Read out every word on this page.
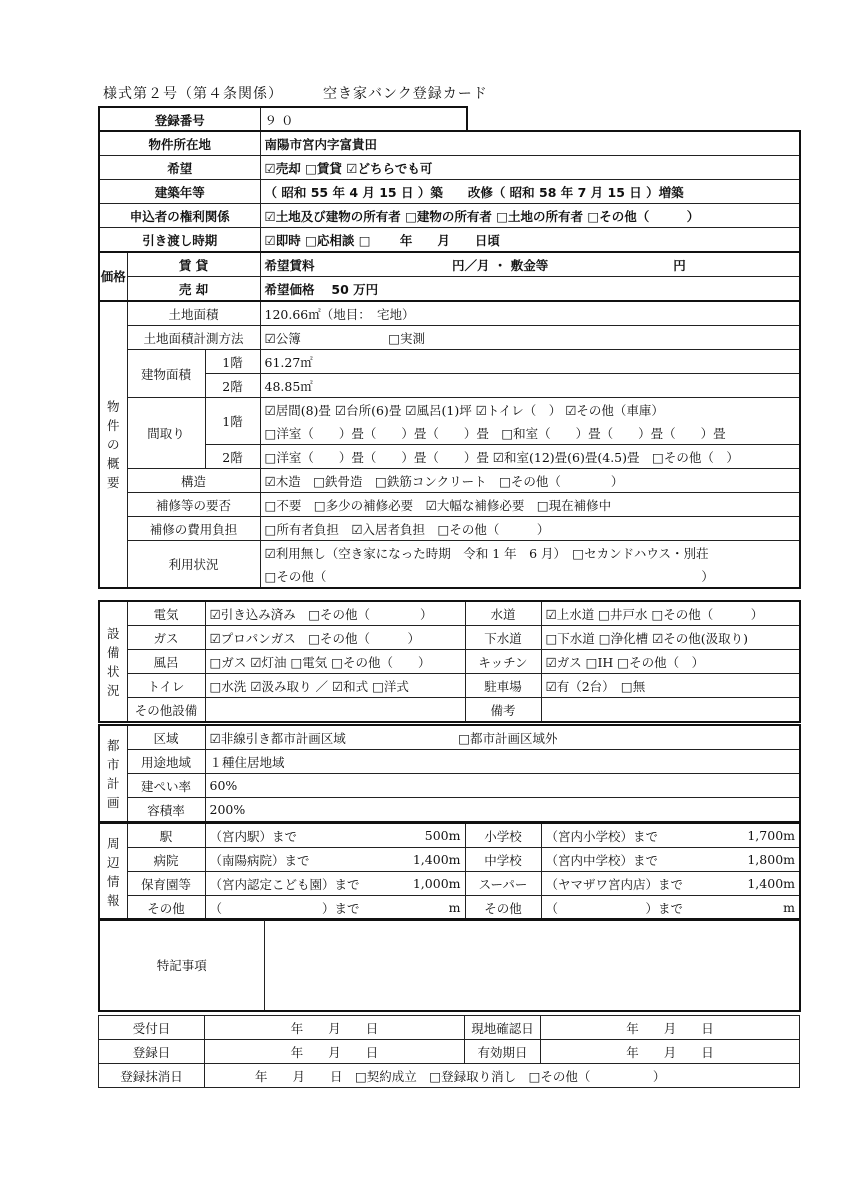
様式第２号（第４条関係）	空き家バンク登録カード
登録番号	９０
物件所在地			南陽市宮内字富貴田
希望			☑売却 □賃貸 ☑どちらでも可
建築年等			（ 昭和 55 年 4 月 15 日 ）築　　改修（ 昭和 58 年 7 月 15 日 ）増築
申込者の権利関係			☑土地及び建物の所有者 □建物の所有者 □土地の所有者 □その他（　　　）
引き渡し時期			☑即時 □応相談 □　　 年　　月　　日頃
価格	賃 貸		希望賃料　　　　　　　　　　　円／月 ・ 敷金等　　　　　　　　　　円
	売 却		希望価格　 50 万円
物件の概要	土地面積		120.66㎡（地目：　宅地）
	土地面積計測方法		☑公簿　　　　　　　□実測
	建物面積	1階	61.27㎡
		2階	48.85㎡
	間取り	1階	☑居間(8)畳 ☑台所(6)畳 ☑風呂(1)坪 ☑トイレ（　） ☑その他（車庫）
			□洋室（　　）畳（　　）畳（　　）畳　□和室（　　）畳（　　）畳（　　）畳
		2階	□洋室（　　）畳（　　）畳（　　）畳 ☑和室(12)畳(6)畳(4.5)畳　□その他（　）
	構造		☑木造　□鉄骨造　□鉄筋コンクリート　□その他（　　　　）
	補修等の要否		□不要　□多少の補修必要　☑大幅な補修必要　□現在補修中
	補修の費用負担		□所有者負担　☑入居者負担　□その他（　　　）
	利用状況		☑利用無し（空き家になった時期　令和 1 年　6 月）　□セカンドハウス・別荘
			□その他（　　　　　　　　　　　　　　　　　　　　　　　　　　　　　　）
設備状況	電気	☑引き込み済み　□その他（　　　　）	水道	☑上水道 □井戸水 □その他（　　　）
	ガス	☑プロパンガス　□その他（　　　）	下水道	□下水道 □浄化槽 ☑その他(汲取り)
	風呂	□ガス ☑灯油 □電気 □その他（　　）	キッチン	☑ガス □IH □その他（　）
	トイレ	□水洗 ☑汲み取り ／ ☑和式 □洋式	駐車場	☑有（2台）　□無
	その他設備		備考	
都市計画	区域	☑非線引き都市計画区域　　　　　　　　　□都市計画区域外
	用途地域	１種住居地域
	建ぺい率	60%
	容積率	200%
周辺情報	駅	（宮内駅）まで	500m	小学校	（宮内小学校）まで	1,700m
	病院	（南陽病院）まで	1,400m	中学校	（宮内中学校）まで	1,800m
	保育園等	（宮内認定こども園）まで	1,000m	スーパー	（ヤマザワ宮内店）まで	1,400m
	その他	（　　　　　　　　）まで	m	その他	（　　　　　　　）まで	m
特記事項	
受付日	年　　月　　日	現地確認日	年　　月　　日
登録日	年　　月　　日	有効期日	年　　月　　日
登録抹消日	年　　月　　日　□契約成立　□登録取り消し　□その他（　　　　　）		
